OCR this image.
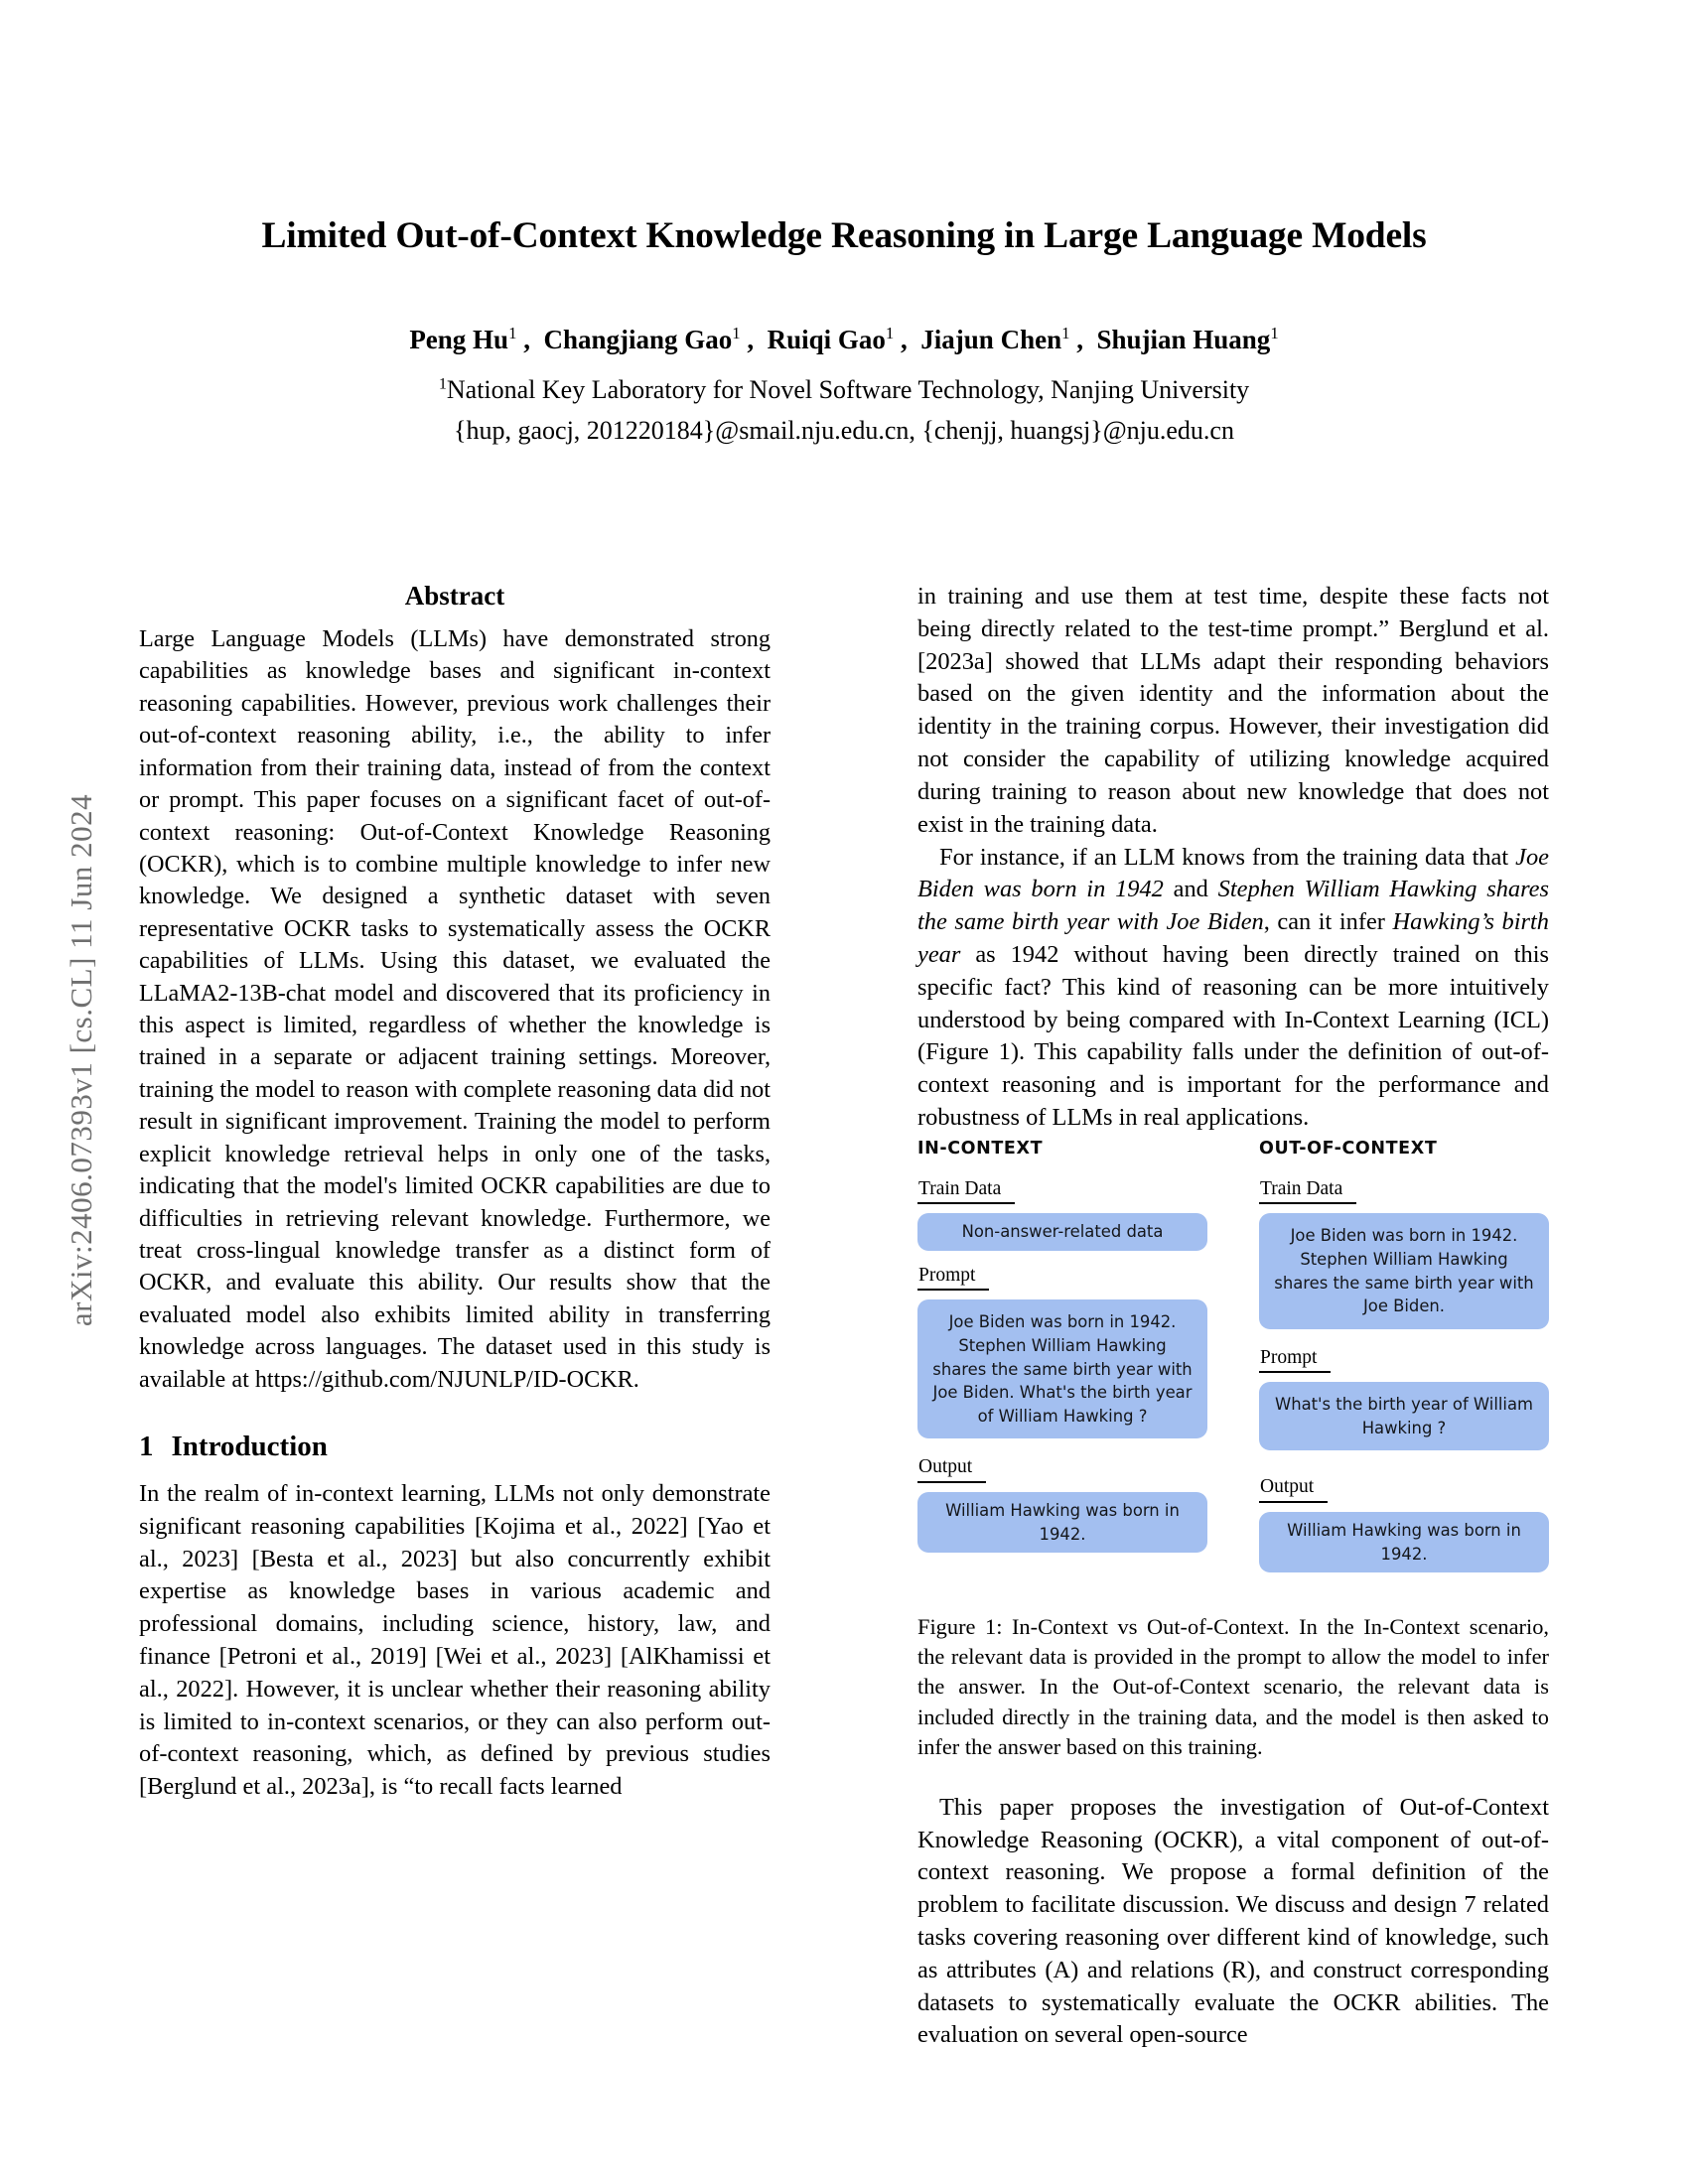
arXiv:2406.07393v1 [cs.CL] 11 Jun 2024
Limited Out-of-Context Knowledge Reasoning in Large Language Models
Peng Hu$^1$ , Changjiang Gao$^1$ , Ruiqi Gao$^1$ , Jiajun Chen$^1$ , Shujian Huang$^1$
$^1$National Key Laboratory for Novel Software Technology, Nanjing University
{hup, gaocj, 201220184}@smail.nju.edu.cn, {chenjj, huangsj}@nju.edu.cn
Abstract

Large Language Models (LLMs) have demonstrated strong capabilities as knowledge bases and significant in-context reasoning capabilities. However, previous work challenges their out-of-context reasoning ability, i.e., the ability to infer information from their training data, instead of from the context or prompt. This paper focuses on a significant facet of out-of-context reasoning: Out-of-Context Knowledge Reasoning (OCKR), which is to combine multiple knowledge to infer new knowledge. We designed a synthetic dataset with seven representative OCKR tasks to systematically assess the OCKR capabilities of LLMs. Using this dataset, we evaluated the LLaMA2-13B-chat model and discovered that its proficiency in this aspect is limited, regardless of whether the knowledge is trained in a separate or adjacent training settings. Moreover, training the model to reason with complete reasoning data did not result in significant improvement. Training the model to perform explicit knowledge retrieval helps in only one of the tasks, indicating that the model's limited OCKR capabilities are due to difficulties in retrieving relevant knowledge. Furthermore, we treat cross-lingual knowledge transfer as a distinct form of OCKR, and evaluate this ability. Our results show that the evaluated model also exhibits limited ability in transferring knowledge across languages. The dataset used in this study is available at https://github.com/NJUNLP/ID-OCKR.

1 Introduction

In the realm of in-context learning, LLMs not only demonstrate significant reasoning capabilities [Kojima et al., 2022] [Yao et al., 2023] [Besta et al., 2023] but also concurrently exhibit expertise as knowledge bases in various academic and professional domains, including science, history, law, and finance [Petroni et al., 2019] [Wei et al., 2023] [AlKhamissi et al., 2022]. However, it is unclear whether their reasoning ability is limited to in-context scenarios, or they can also perform out-of-context reasoning, which, as defined by previous studies [Berglund et al., 2023a], is “to recall facts learned

in training and use them at test time, despite these facts not being directly related to the test-time prompt.” Berglund et al. [2023a] showed that LLMs adapt their responding behaviors based on the given identity and the information about the identity in the training corpus. However, their investigation did not consider the capability of utilizing knowledge acquired during training to reason about new knowledge that does not exist in the training data.

For instance, if an LLM knows from the training data that Joe Biden was born in 1942 and Stephen William Hawking shares the same birth year with Joe Biden, can it infer Hawking’s birth year as 1942 without having been directly trained on this specific fact? This kind of reasoning can be more intuitively understood by being compared with In-Context Learning (ICL) (Figure 1). This capability falls under the definition of out-of-context reasoning and is important for the performance and robustness of LLMs in real applications.

IN-CONTEXT
Train Data
Non-answer-related data
Prompt
Joe Biden was born in 1942. Stephen William Hawking shares the same birth year with Joe Biden. What's the birth year of William Hawking ?
Output
William Hawking was born in 1942.
OUT-OF-CONTEXT
Train Data
Joe Biden was born in 1942. Stephen William Hawking shares the same birth year with Joe Biden.
Prompt
What's the birth year of William Hawking ?
Output
William Hawking was born in 1942.
Figure 1: In-Context vs Out-of-Context. In the In-Context scenario, the relevant data is provided in the prompt to allow the model to infer the answer. In the Out-of-Context scenario, the relevant data is included directly in the training data, and the model is then asked to infer the answer based on this training.

This paper proposes the investigation of Out-of-Context Knowledge Reasoning (OCKR), a vital component of out-of-context reasoning. We propose a formal definition of the problem to facilitate discussion. We discuss and design 7 related tasks covering reasoning over different kind of knowledge, such as attributes (A) and relations (R), and construct corresponding datasets to systematically evaluate the OCKR abilities. The evaluation on several open-source
